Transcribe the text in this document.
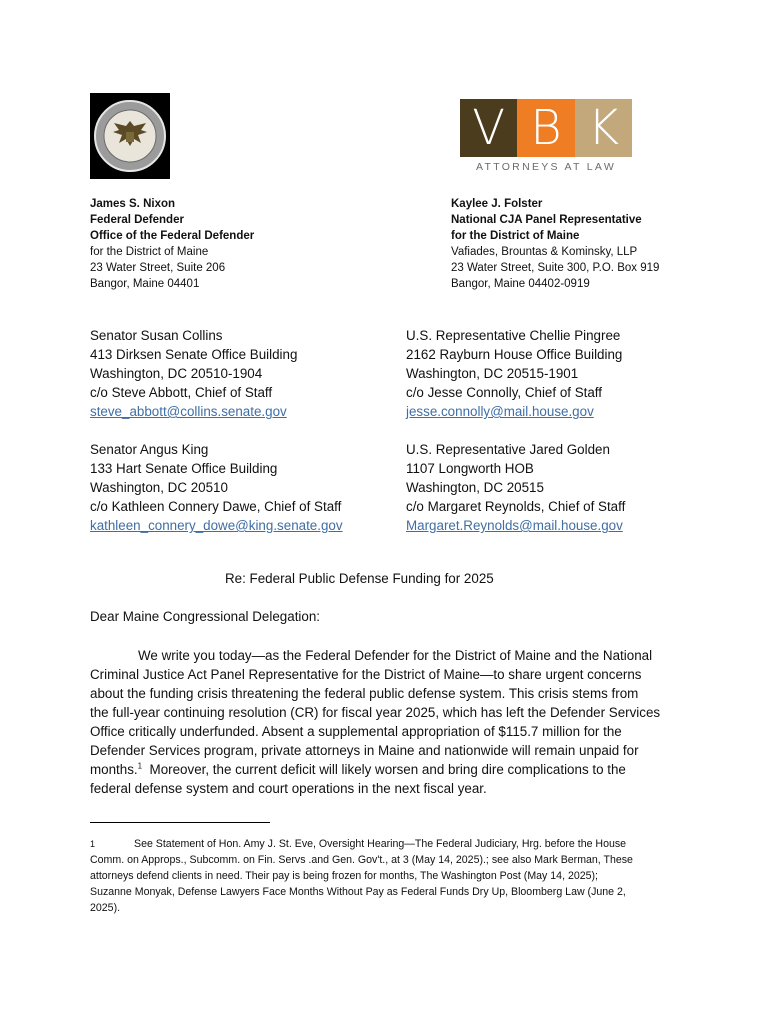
V B K
ATTORNEYS AT LAW
James S. Nixon
Federal Defender
Office of the Federal Defender
for the District of Maine
23 Water Street, Suite 206
Bangor, Maine 04401
Kaylee J. Folster
National CJA Panel Representative
for the District of Maine
Vafiades, Brountas & Kominsky, LLP
23 Water Street, Suite 300, P.O. Box 919
Bangor, Maine 04402-0919
Senator Susan Collins
413 Dirksen Senate Office Building
Washington, DC 20510-1904
c/o Steve Abbott, Chief of Staff
steve_abbott@collins.senate.gov
U.S. Representative Chellie Pingree
2162 Rayburn House Office Building
Washington, DC 20515-1901
c/o Jesse Connolly, Chief of Staff
jesse.connolly@mail.house.gov
Senator Angus King
133 Hart Senate Office Building
Washington, DC 20510
c/o Kathleen Connery Dawe, Chief of Staff
kathleen_connery_dowe@king.senate.gov
U.S. Representative Jared Golden
1107 Longworth HOB
Washington, DC 20515
c/o Margaret Reynolds, Chief of Staff
Margaret.Reynolds@mail.house.gov
Re: Federal Public Defense Funding for 2025
Dear Maine Congressional Delegation:
We write you today—as the Federal Defender for the District of Maine and the National
Criminal Justice Act Panel Representative for the District of Maine—to share urgent concerns
about the funding crisis threatening the federal public defense system. This crisis stems from
the full-year continuing resolution (CR) for fiscal year 2025, which has left the Defender Services
Office critically underfunded. Absent a supplemental appropriation of $115.7 million for the
Defender Services program, private attorneys in Maine and nationwide will remain unpaid for
months.$^1$ Moreover, the current deficit will likely worsen and bring dire complications to the
federal defense system and court operations in the next fiscal year.
1	See Statement of Hon. Amy J. St. Eve, Oversight Hearing—The Federal Judiciary, Hrg. before the House
Comm. on Approps., Subcomm. on Fin. Servs .and Gen. Gov't., at 3 (May 14, 2025).; see also Mark Berman, These
attorneys defend clients in need. Their pay is being frozen for months, The Washington Post (May 14, 2025);
Suzanne Monyak, Defense Lawyers Face Months Without Pay as Federal Funds Dry Up, Bloomberg Law (June 2,
2025).
